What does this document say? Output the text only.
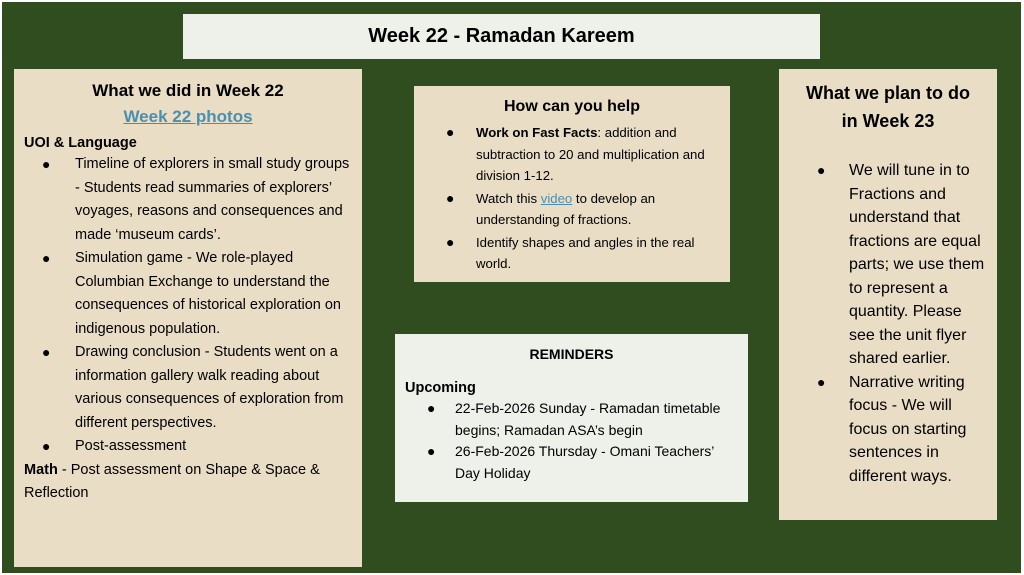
Week 22 - Ramadan Kareem
What we did in Week 22
Week 22 photos
UOI & Language
● Timeline of explorers in small study groups - Students read summaries of explorers’ voyages, reasons and consequences and made ‘museum cards’.
● Simulation game - We role-played Columbian Exchange to understand the consequences of historical exploration on indigenous population.
● Drawing conclusion - Students went on a information gallery walk reading about various consequences of exploration from different perspectives.
● Post-assessment
Math - Post assessment on Shape & Space & Reflection
How can you help
● Work on Fast Facts: addition and subtraction to 20 and multiplication and division 1-12.
● Watch this video to develop an understanding of fractions.
● Identify shapes and angles in the real world.
REMINDERS
Upcoming
● 22-Feb-2026 Sunday - Ramadan timetable begins; Ramadan ASA’s begin
● 26-Feb-2026 Thursday - Omani Teachers’ Day Holiday
What we plan to do in Week 23
● We will tune in to Fractions and understand that fractions are equal parts; we use them to represent a quantity. Please see the unit flyer shared earlier.
● Narrative writing focus - We will focus on starting sentences in different ways.
